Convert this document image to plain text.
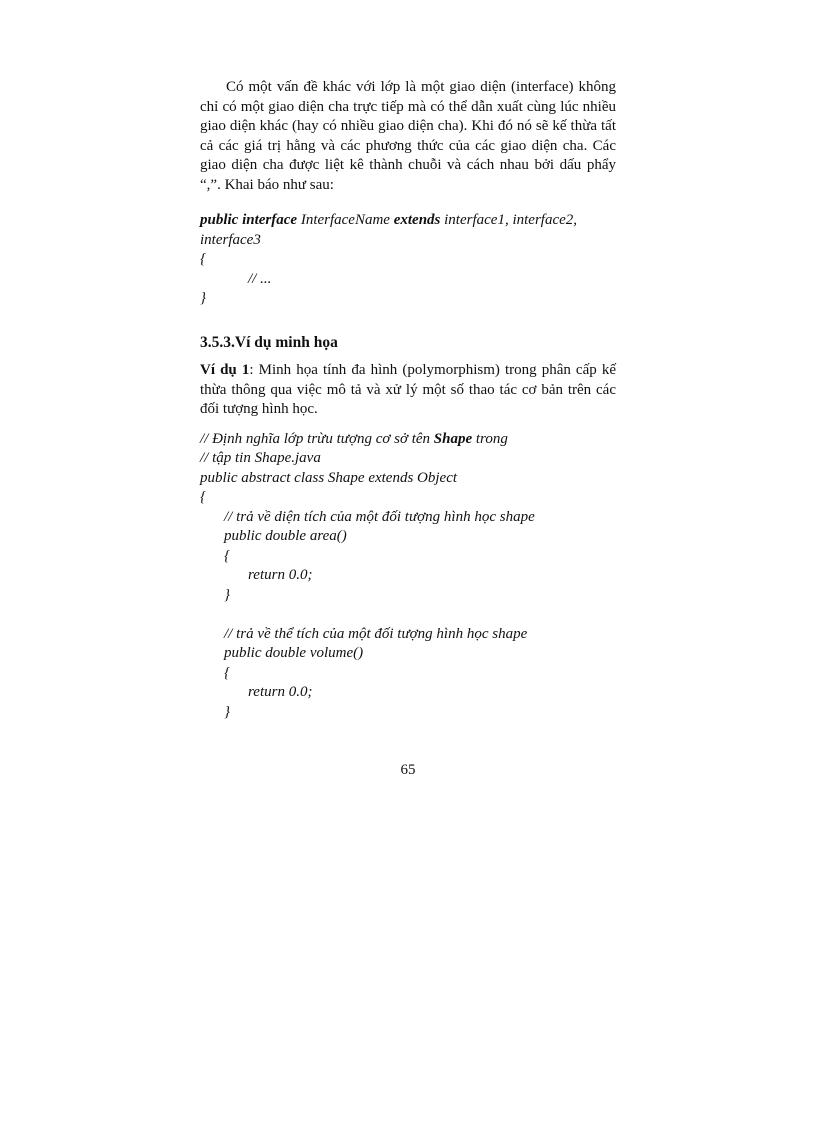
Có một vấn đề khác với lớp là một giao diện (interface) không chỉ có một giao diện cha trực tiếp mà có thể dẫn xuất cùng lúc nhiều giao diện khác (hay có nhiều giao diện cha). Khi đó nó sẽ kế thừa tất cả các giá trị hằng và các phương thức của các giao diện cha. Các giao diện cha được liệt kê thành chuỗi và cách nhau bởi dấu phẩy “,”. Khai báo như sau:

public interface InterfaceName extends interface1, interface2,

interface3

{

// ...

}

3.5.3.Ví dụ minh họa

Ví dụ 1: Minh họa tính đa hình (polymorphism) trong phân cấp kế thừa thông qua việc mô tả và xử lý một số thao tác cơ bản trên các đối tượng hình học.

// Định nghĩa lớp trừu tượng cơ sở tên Shape trong

// tập tin Shape.java

public abstract class Shape extends Object

{

// trả về diện tích của một đối tượng hình học shape

public double area()

{

return 0.0;

}

// trả về thể tích của một đối tượng hình học shape

public double volume()

{

return 0.0;

}

65
